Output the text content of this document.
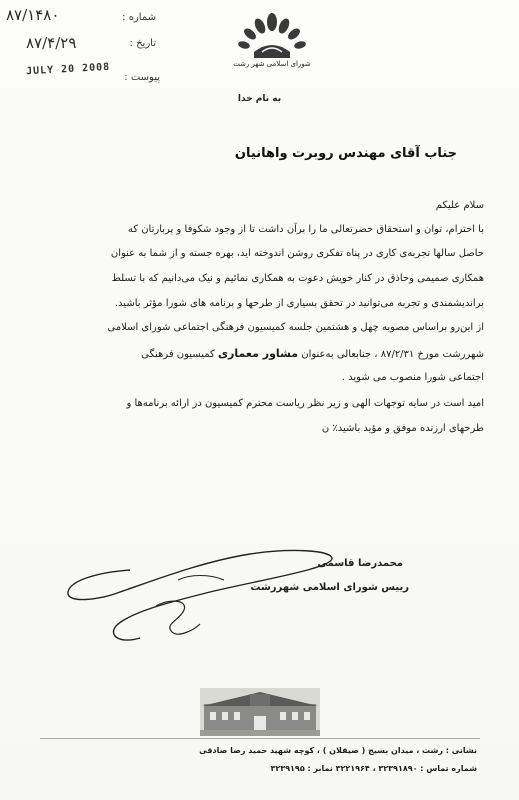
شورای اسلامی شهر رشت
شماره :
تاریخ :
پیوست :
۸۷/۱۴۸۰
۸۷/۴/۲۹
JULY 20 2008
به نام خدا
جناب آقای مهندس روبرت واهانیان
سلام علیکم
با احترام، توان و استحقاق حضرتعالی ما را برآن داشت تا از وجود شکوفا و پربارتان که
حاصل سالها تجربه‌ی کاری در پناه تفکری روشن اندوخته اید، بهره جسته و از شما به عنوان
همکاری صمیمی وحاذق در کنار خویش دعوت به همکاری نمائیم و نیک می‌دانیم که با تسلط
براندیشمندی و تجربه می‌توانید در تحقق بسیاری از طرحها و برنامه های شورا مؤثر باشید.
از این‌رو براساس مصوبه چهل و هشتمین جلسه کمیسیون فرهنگی اجتماعی شورای اسلامی
شهررشت مورخ ۸۷/۲/۳۱ ، جنابعالی به‌عنوان مشاور معماری کمیسیون فرهنگی
اجتماعی شورا منصوب می شوید .
امید است در سایه توجهات الهی و زیر نظر ریاست محترم کمیسیون در ارائه برنامه‌ها و
طرحهای ارزنده موفق و مؤید باشید٪ ن
محمدرضا قاسمی
رییس شورای اسلامی شهررشت
نشانی : رشت ، میدان بسیج ( صیقلان ) ، کوچه شهید حمید رضا صادقی
شماره تماس : ۳۲۳۹۱۸۹۰ ، ۳۲۲۱۹۶۴ نمابر : ۳۲۳۹۱۹۵
